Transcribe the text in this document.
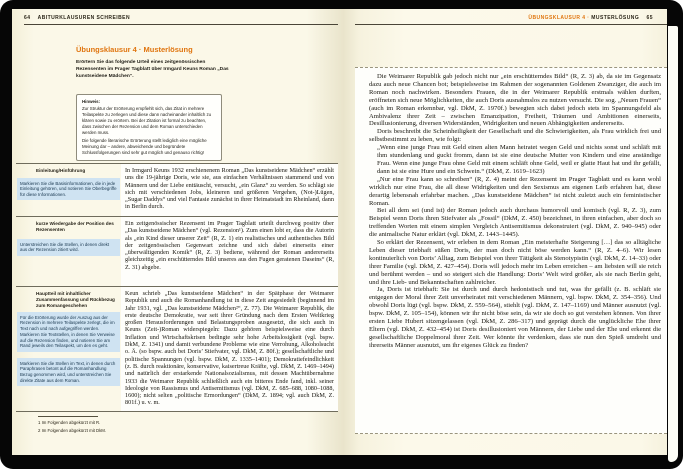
64 ABITURKLAUSUREN SCHREIBEN
Übungsklausur 4 · Musterlösung
Erörtern Sie das folgende Urteil eines zeitgenössischen Rezensenten im Prager Tagblatt über Irmgard Keuns Roman „Das kunstseidene Mädchen“.
Hinweis:

Zur Struktur der Erörterung empfiehlt sich, das Zitat in mehrere Teilaspekte zu zerlegen und diese dann nacheinander inhaltlich zu klären sowie zu erörtern. Bei der Zitation ist formal zu beachten, dass zwischen der Rezension und dem Roman unterschieden werden muss.

Die folgende literarische Erörterung stellt lediglich eine mögliche Meinung dar – andere, abweichende und begründete Schlussfolgerungen sind sehr gut möglich und genauso richtig!

Einleitung/Hinführung
Markieren Sie die Basisinformationen, die in jede Einleitung gehören, und notieren Sie Oberbegriffe für diese Informationen.
In Irmgard Keuns 1932 erschienenem Roman „Das kunstseidene Mädchen“ erzählt uns die 19-jährige Doris, wie sie, aus einfachen Verhältnissen stammend und von Männern und der Liebe enttäuscht, versucht, „ein Glanz“ zu werden. So schlägt sie sich mit verschiedenen Jobs, kleineren und größeren Vergehen, (Not-)Lügen, „Sugar Daddys“ und viel Fantasie zunächst in ihrer Heimatstadt im Rheinland, dann in Berlin durch.
kurze Wiedergabe der Position des Rezensenten
Unterstreichen Sie die Stellen, in denen direkt aus der Rezension zitiert wird.
Ein zeitgenössischer Rezensent im Prager Tagblatt urteilt durchweg positiv über „Das kunstseidene Mädchen“ (vgl. Rezension¹). Zum einen lobt er, dass die Autorin als „ein Kind dieser unserer Zeit“ (R, Z. 1) ein realistisches und authentisches Bild der zeitgenössischen Gegenwart zeichne und sich dabei einerseits einer „überwältigenden Komik“ (R, Z. 3) bediene, während der Roman andererseits gleichzeitig „ein erschütterndes Bild unseres aus den Fugen geratenen Daseins“ (R, Z. 31) abgebe.
Hauptteil mit inhaltlicher Zusammenfassung und Rückbezug zum Romangeschehen
Für die Erörterung wurde der Auszug aus der Rezension in mehrere Teilaspekte zerlegt, die im Text nach und nach aufgegriffen werden. Markieren Sie Textstellen, in denen Sie Verweise auf die Rezension finden, und notieren Sie am Rand jeweils den Teilaspekt, um den es geht.
Markieren Sie die Stellen im Text, in denen durch Paraphrasen betont auf die Romanhandlung Bezug genommen wird, und unterstreichen Sie direkte Zitate aus dem Roman.
Keun schrieb „Das kunstseidene Mädchen“ in der Spätphase der Weimarer Republik und auch die Romanhandlung ist in diese Zeit angesiedelt (beginnend im Jahr 1931, vgl. „Das kunstseidene Mädchen²“, Z. 77). Die Weimarer Republik, die erste deutsche Demokratie, war seit ihrer Gründung nach dem Ersten Weltkrieg großen Herausforderungen und Belastungsproben ausgesetzt, die sich auch in Keuns (Zeit-)Roman widerspiegeln: Dazu gehören beispielsweise eine durch Inflation und Wirtschaftskrisen bedingte sehr hohe Arbeitslosigkeit (vgl. bspw. DkM, Z. 1341) und damit verbundene Probleme wie eine Verrohung, Alkoholsucht o. Ä. (so bspw. auch bei Doris’ Stiefvater, vgl. DkM, Z. 80f.); gesellschaftliche und politische Spannungen (vgl. bspw. DkM, Z. 1335–1401); Demokratiefeindlichkeit (z. B. durch reaktionäre, konservative, kaisertreue Kräfte, vgl. DkM, Z. 1469–1494) und natürlich der erstarkende Nationalsozialismus, mit dessen Machtübernahme 1933 die Weimarer Republik schließlich auch ein bitteres Ende fand, inkl. seiner Ideologie von Rassismus und Antisemitismus (vgl. DkM, Z. 685–688, 1080–1088, 1600); nicht selten „politische Ermordungen“ (DkM, Z. 1894; vgl. auch DkM, Z. 801f.) u. v. m.
1 Im Folgenden abgekürzt mit R.
2 Im Folgenden abgekürzt mit DkM.
ÜBUNGSKLAUSUR 4 · MUSTERLÖSUNG 65

Die Weimarer Republik gab jedoch nicht nur „ein erschütterndes Bild“ (R, Z. 3) ab, da sie im Gegensatz dazu auch neue Chancen bot; beispielsweise im Rahmen der sogenannten Goldenen Zwanziger, die auch im Roman noch nachwirken. Besonders Frauen, die in der Weimarer Republik erstmals wählen durften, eröffneten sich neue Möglichkeiten, die auch Doris ausnahmslos zu nutzen versucht. Die sog. „Neuen Frauen“ (auch im Roman erkennbar, vgl. DkM, Z. 1970f.) bewegten sich dabei jedoch stets im Spannungsfeld als Ambivalenz ihrer Zeit – zwischen Emanzipation, Freiheit, Träumen und Ambitionen einerseits, Desillusionierung, diversen Widerständen, Widrigkeiten und neuen Abhängigkeiten andererseits.

Doris beschreibt die Scheinheiligkeit der Gesellschaft und die Schwierigkeiten, als Frau wirklich frei und selbstbestimmt zu leben, wie folgt:

„Wenn eine junge Frau mit Geld einen alten Mann heiratet wegen Geld und nichts sonst und schläft mit ihm stundenlang und guckt fromm, dann ist sie eine deutsche Mutter von Kindern und eine anständige Frau. Wenn eine junge Frau ohne Geld mit einem schläft ohne Geld, weil er glatte Haut hat und ihr gefällt, dann ist sie eine Hure und ein Schwein.“ (DkM, Z. 1619–1623)

„Nur eine Frau kann so schreiben“ (R, Z. 4) meint der Rezensent im Prager Tagblatt und es kann wohl wirklich nur eine Frau, die all diese Widrigkeiten und den Sexismus am eigenen Leib erfahren hat, diese derartig lebensnah erfahrbar machen. „Das kunstseidene Mädchen“ ist nicht zuletzt auch ein feministischer Roman.

Bei all dem sei (und ist) der Roman jedoch auch durchaus humorvoll und komisch (vgl. R, Z. 3), zum Beispiel wenn Doris ihren Stiefvater als „Fossil“ (DkM, Z. 450) bezeichnet, in ihren einfachen, aber doch so treffenden Worten mit einem simplen Vergleich Antisemitismus dekonstruiert (vgl. DkM, Z. 940–945) oder die animalische Natur erklärt (vgl. DkM, Z. 1443–1445).

So erklärt der Rezensent, wir erleben in dem Roman „Ein meisterhafte Steigerung […] das so alltägliche Leben dieser triebhaft süßen Doris, der man doch nicht böse werden kann.“ (R, Z. 4–6). Wir lesen kontinuierlich von Doris’ Alltag, zum Beispiel von ihrer Tätigkeit als Stenotypistin (vgl. DkM, Z. 14–33) oder ihrer Familie (vgl. DkM, Z. 427–454). Doris will jedoch mehr im Leben erreichen – am liebsten will sie reich und berühmt werden – und so steigert sich die Handlung: Doris’ Welt wird größer, als sie nach Berlin geht, und ihre Lieb- und Bekanntschaften zahlreicher.

Ja, Doris ist triebhaft: Sie ist durch und durch hedonistisch und tut, was ihr gefällt (z. B. schläft sie entgegen der Moral ihrer Zeit unverheiratet mit verschiedenen Männern, vgl. bspw. DkM, Z. 354–356). Und obwohl Doris lügt (vgl. bspw. DkM, Z. 559–564), stiehlt (vgl. DkM, Z. 147–1169) und Männer ausnutzt (vgl. bspw. DkM, Z. 105–154), können wir ihr nicht böse sein, da wir sie doch so gut verstehen können. Von ihrer ersten Liebe Hubert sitzengelassen (vgl. DkM, Z. 286–317) und geprägt durch die unglückliche Ehe ihrer Eltern (vgl. DkM, Z. 432–454) ist Doris desillusioniert von Männern, der Liebe und der Ehe und erkennt die gesellschaftliche Doppelmoral ihrer Zeit. Wer könnte ihr verdenken, dass sie nun den Spieß umdreht und ihrerseits Männer ausnutzt, um ihr eigenes Glück zu finden?
